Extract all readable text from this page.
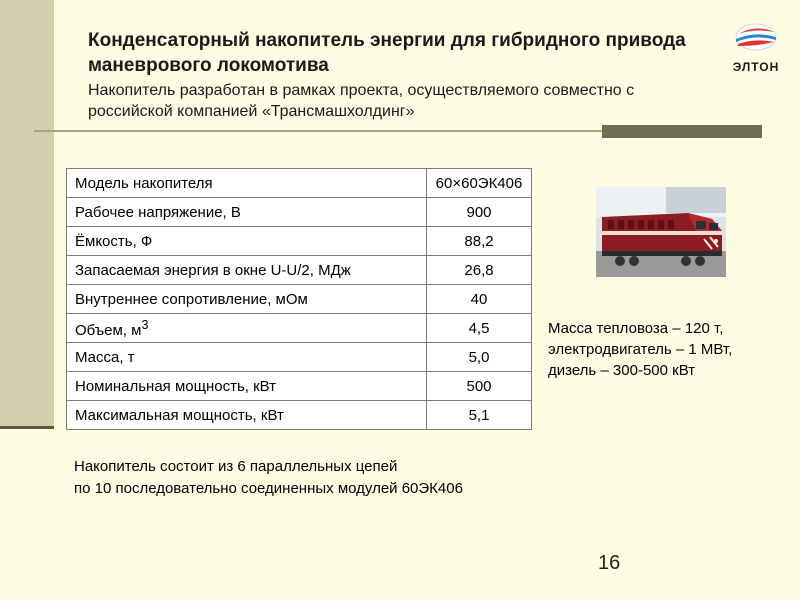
Конденсаторный накопитель энергии для гибридного привода маневрового локомотива

Накопитель разработан в рамках проекта, осуществляемого совместно с российской компанией «Трансмашхолдинг»

ЭЛТОН
Модель накопителя	60×60ЭК406
Рабочее напряжение, В	900
Ёмкость, Ф	88,2
Запасаемая энергия в окне U-U/2, МДж	26,8
Внутреннее сопротивление, мОм	40
Объем, $м^3$	4,5
Масса, т	5,0
Номинальная мощность, кВт	500
Максимальная мощность, кВт	5,1
Масса тепловоза – 120 т,
электродвигатель – 1 МВт,
дизель – 300-500 кВт
Накопитель состоит из 6 параллельных цепей
по 10 последовательно соединенных модулей 60ЭК406
16
